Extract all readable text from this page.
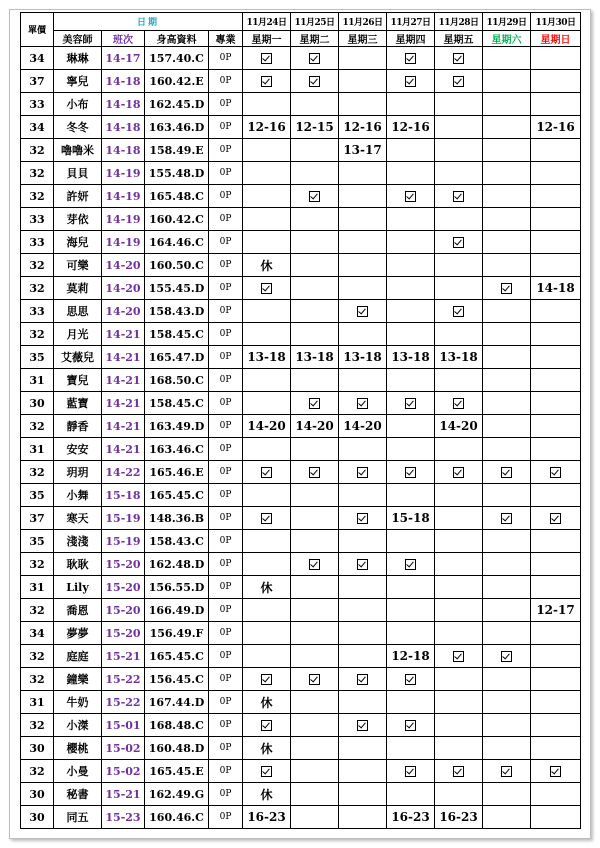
單價	日期				11月24日	11月25日	11月26日	11月27日	11月28日	11月29日	11月30日
	美容師	班次	身高資料	專業	星期一	星期二	星期三	星期四	星期五	星期六	星期日
34	琳琳	14-17	157.40.C	0P							
37	寧兒	14-18	160.42.E	0P							
33	小布	14-18	162.45.D	0P							
34	冬冬	14-18	163.46.D	0P	12-16	12-15	12-16	12-16			12-16
32	嚕嚕米	14-18	158.49.E	0P			13-17				
32	貝貝	14-19	155.48.D	0P							
32	許妍	14-19	165.48.C	0P							
33	芽依	14-19	160.42.C	0P							
33	海兒	14-19	164.46.C	0P							
32	可樂	14-20	160.50.C	0P	休						
32	莫莉	14-20	155.45.D	0P							14-18
33	思思	14-20	158.43.D	0P							
32	月光	14-21	158.45.C	0P							
35	艾薇兒	14-21	165.47.D	0P	13-18	13-18	13-18	13-18	13-18		
31	寶兒	14-21	168.50.C	0P							
30	藍寶	14-21	158.45.C	0P							
32	靜香	14-21	163.49.D	0P	14-20	14-20	14-20		14-20		
31	安安	14-21	163.46.C	0P							
32	玥玥	14-22	165.46.E	0P							
35	小舞	15-18	165.45.C	0P							
37	寒天	15-19	148.36.B	0P				15-18			
35	淺淺	15-19	158.43.C	0P							
32	耿耿	15-20	162.48.D	0P							
31	Lily	15-20	156.55.D	0P	休						
32	喬恩	15-20	166.49.D	0P							12-17
34	夢夢	15-20	156.49.F	0P							
32	庭庭	15-21	165.45.C	0P				12-18			
32	鐘樂	15-22	156.45.C	0P							
31	牛奶	15-22	167.44.D	0P	休						
32	小滐	15-01	168.48.C	0P							
30	櫻桃	15-02	160.48.D	0P	休						
32	小曼	15-02	165.45.E	0P							
30	秘書	15-21	162.49.G	0P	休						
30	同五	15-23	160.46.C	0P	16-23			16-23	16-23		
